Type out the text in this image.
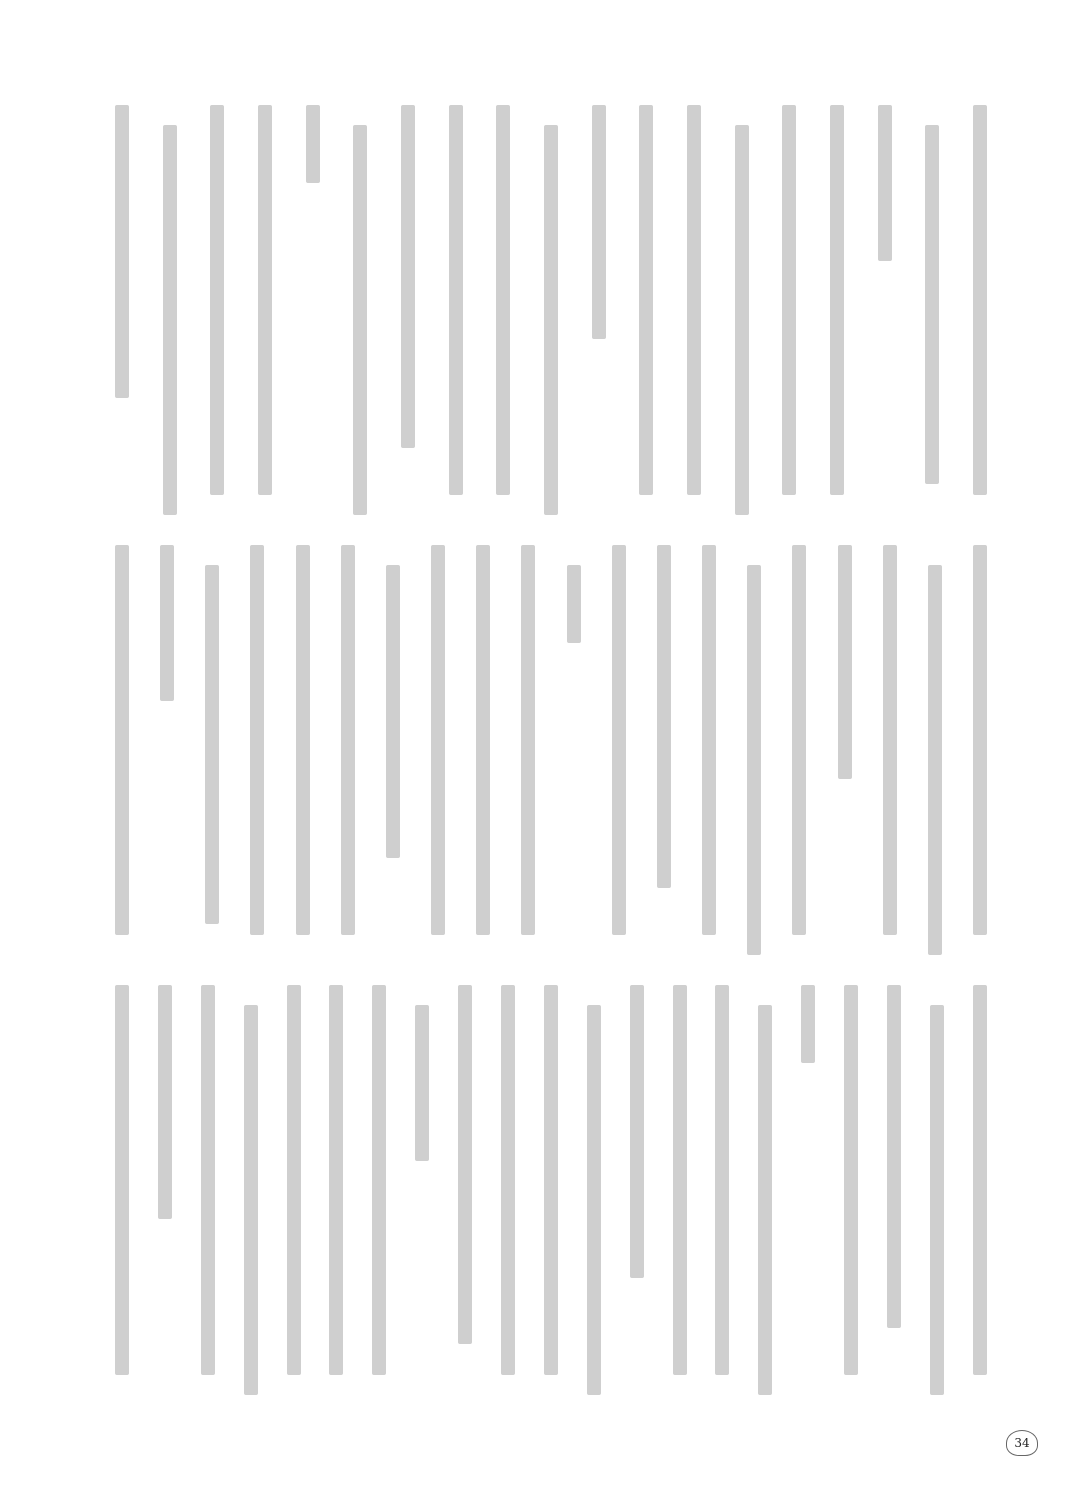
34
